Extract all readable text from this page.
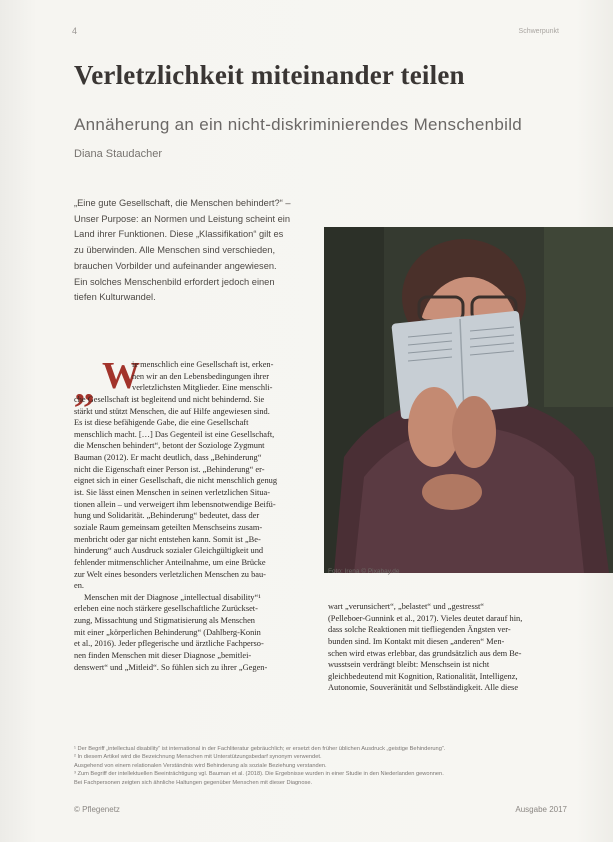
4	Schwerpunkt
Verletzlichkeit miteinander teilen
Annäherung an ein nicht-diskriminierendes Menschenbild
Diana Staudacher
„Eine gute Gesellschaft, die Menschen behindert?“ –
Unser Purpose: an Normen und Leistung scheint ein
Land ihrer Funktionen. Diese „Klassifikation“ gilt es
zu überwinden. Alle Menschen sind verschieden,
brauchen Vorbilder und aufeinander angewiesen.
Ein solches Menschenbild erfordert jedoch einen
tiefen Kulturwandel.
Foto: Irena © Pixabay.de
„ W
ie menschlich eine Gesellschaft ist, erken-
nen wir an den Lebensbedingungen ihrer
verletzlichsten Mitglieder. Eine menschli-
che Gesellschaft ist begleitend und nicht behindernd. Sie
stärkt und stützt Menschen, die auf Hilfe angewiesen sind.
Es ist diese befähigende Gabe, die eine Gesellschaft
menschlich macht. […] Das Gegenteil ist eine Gesellschaft,
die Menschen behindert“, betont der Soziologe Zygmunt
Bauman (2012). Er macht deutlich, dass „Behinderung“
nicht die Eigenschaft einer Person ist. „Behinderung“ er-
eignet sich in einer Gesellschaft, die nicht menschlich genug
ist. Sie lässt einen Menschen in seinen verletzlichen Situa-
tionen allein – und verweigert ihm lebensnotwendige Beifü-
hung und Solidarität. „Behinderung“ bedeutet, dass der
soziale Raum gemeinsam geteilten Menschseins zusam-
menbricht oder gar nicht entstehen kann. Somit ist „Be-
hinderung“ auch Ausdruck sozialer Gleichgültigkeit und
fehlender mitmenschlicher Anteilnahme, um eine Brücke
zur Welt eines besonders verletzlichen Menschen zu bau-
en.
Menschen mit der Diagnose „intellectual disability“¹
erleben eine noch stärkere gesellschaftliche Zurückset-
zung, Missachtung und Stigmatisierung als Menschen
mit einer „körperlichen Behinderung“ (Dahlberg-Konin
et al., 2016). Jeder pflegerische und ärztliche Fachperso-
nen finden Menschen mit dieser Diagnose „bemitlei-
denswert“ und „Mitleid“. So fühlen sich zu ihrer „Gegen-
wart „verunsichert“, „belastet“ und „gestresst“
(Pelleboer-Gunnink et al., 2017). Vieles deutet darauf hin,
dass solche Reaktionen mit tiefliegenden Ängsten ver-
bunden sind. Im Kontakt mit diesen „anderen“ Men-
schen wird etwas erlebbar, das grundsätzlich aus dem Be-
wusstsein verdrängt bleibt: Menschsein ist nicht
gleichbedeutend mit Kognition, Rationalität, Intelligenz,
Autonomie, Souveränität und Selbständigkeit. Alle diese
¹ Der Begriff „intellectual disability“ ist international in der Fachliteratur gebräuchlich; er ersetzt den früher üblichen Ausdruck „geistige Behinderung“.
² In diesem Artikel wird die Bezeichnung Menschen mit Unterstützungsbedarf synonym verwendet.
Ausgehend von einem relationalen Verständnis wird Behinderung als soziale Beziehung verstanden.
³ Zum Begriff der intellektuellen Beeinträchtigung vgl. Bauman et al. (2018). Die Ergebnisse wurden in einer Studie in den Niederlanden gewonnen.
Bei Fachpersonen zeigten sich ähnliche Haltungen gegenüber Menschen mit dieser Diagnose.
© Pflegenetz	Ausgabe 2017
